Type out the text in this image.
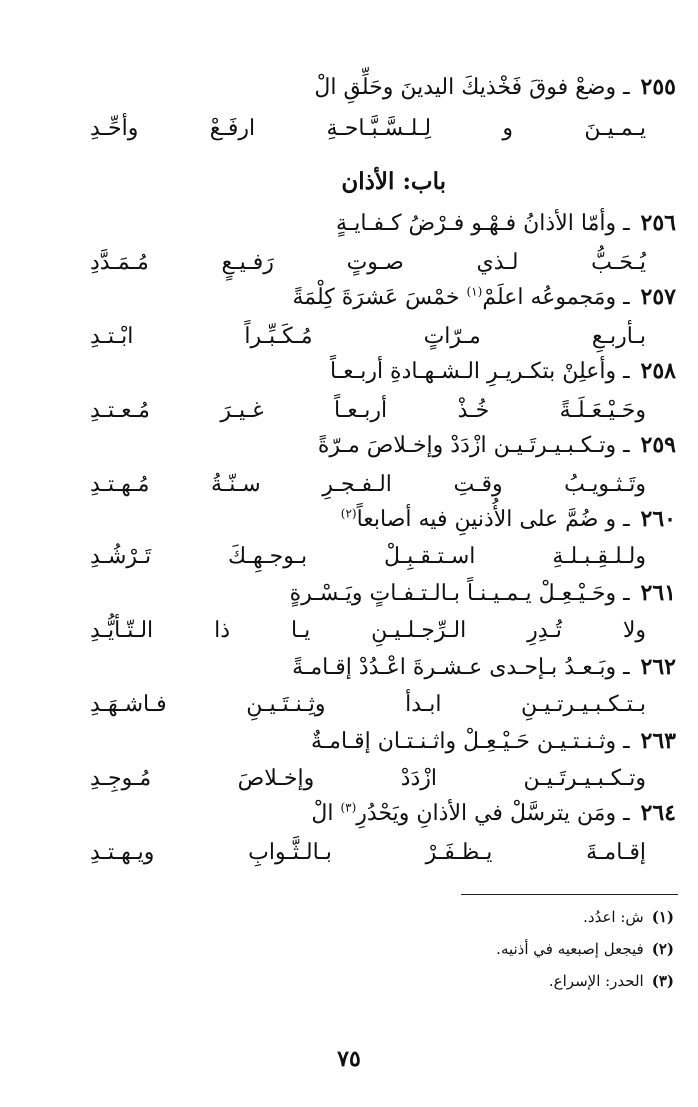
٢٥٥ ـ وضعْ فوقَ فَخْذيكَ اليدينَ وحَلِّقِ الْ
يـمـيـنَ و لِـلـسَّـبَّـاحـةِ ارفَـعْ وأحِّـدِ
باب: الأذان
٢٥٦ ـ وأمّا الأذانُ فـهْـو فـرْضُ كـفـايـةٍ
يُـحَـبُّ لـذي صـوتٍ رَفـيـعٍ مُـمَـدَّدِ
٢٥٧ ـ ومَجموعُه اعلَمْ$^{(١)}$ خمْسَ عَشرَةَ كِلْمَةً
بـأربـعِ مـرّاتٍ مُـكَـبِّـراً ابْـتـدِ
٢٥٨ ـ وأعلِنْ بتكـريـرِ الـشـهـادةِ أربـعـاً
وحَـيْـعَـلَـةً خُـذْ أربـعـاً غـيـرَ مُـعـتـدِ
٢٥٩ ـ وتـكـبـيـرتَـيـن ازْدَدْ وإخـلاصَ مـرّةً
وتَـثـويـبُ وقـتِ الـفـجـرِ سـنّـةُ مُـهـتـدِ
٢٦٠ ـ و ضُمَّ على الأُذنينِ فيه أصابعاً$^{(٢)}$
ولـلـقِـبـلـةِ اسـتـقـبِـلْ بـوجـهِـكَ تَـرْشُـدِ
٢٦١ ـ وحَـيْـعِـلْ يـمـيـنـاً بـالـتـفـاتٍ ويَـسْـرةٍ
ولا تُـدِرِ الـرِّجـلـيـنِ يـا ذا الـتّـأيُّـدِ
٢٦٢ ـ وبَـعـدُ بـإحـدى عـشـرةَ اعْـدُدْ إقـامـةً
بـتـكـبـيـرتـيـنِ ابـدأ وثِـنـتَـيـنِ فـاشـهَـدِ
٢٦٣ ـ وثـنـتـيـن حَـيْـعِـلْ واثـنـتـان إقـامـةٌ
وتـكـبـيـرتَـيـن ازْدَدْ وإخـلاصَ مُـوجِـدِ
٢٦٤ ـ ومَن يترسَّلْ في الأذانِ ويَحْدُرِ$^{(٣)}$ الْ
إقـامـةَ يـظـفَـرْ بـالـثَّـوابِ ويـهـتـدِ
(١)ش: اعدُد.
(٢)فيجعل إصبعيه في أذنيه.
(٣)الحدر: الإسراع.
٧٥
